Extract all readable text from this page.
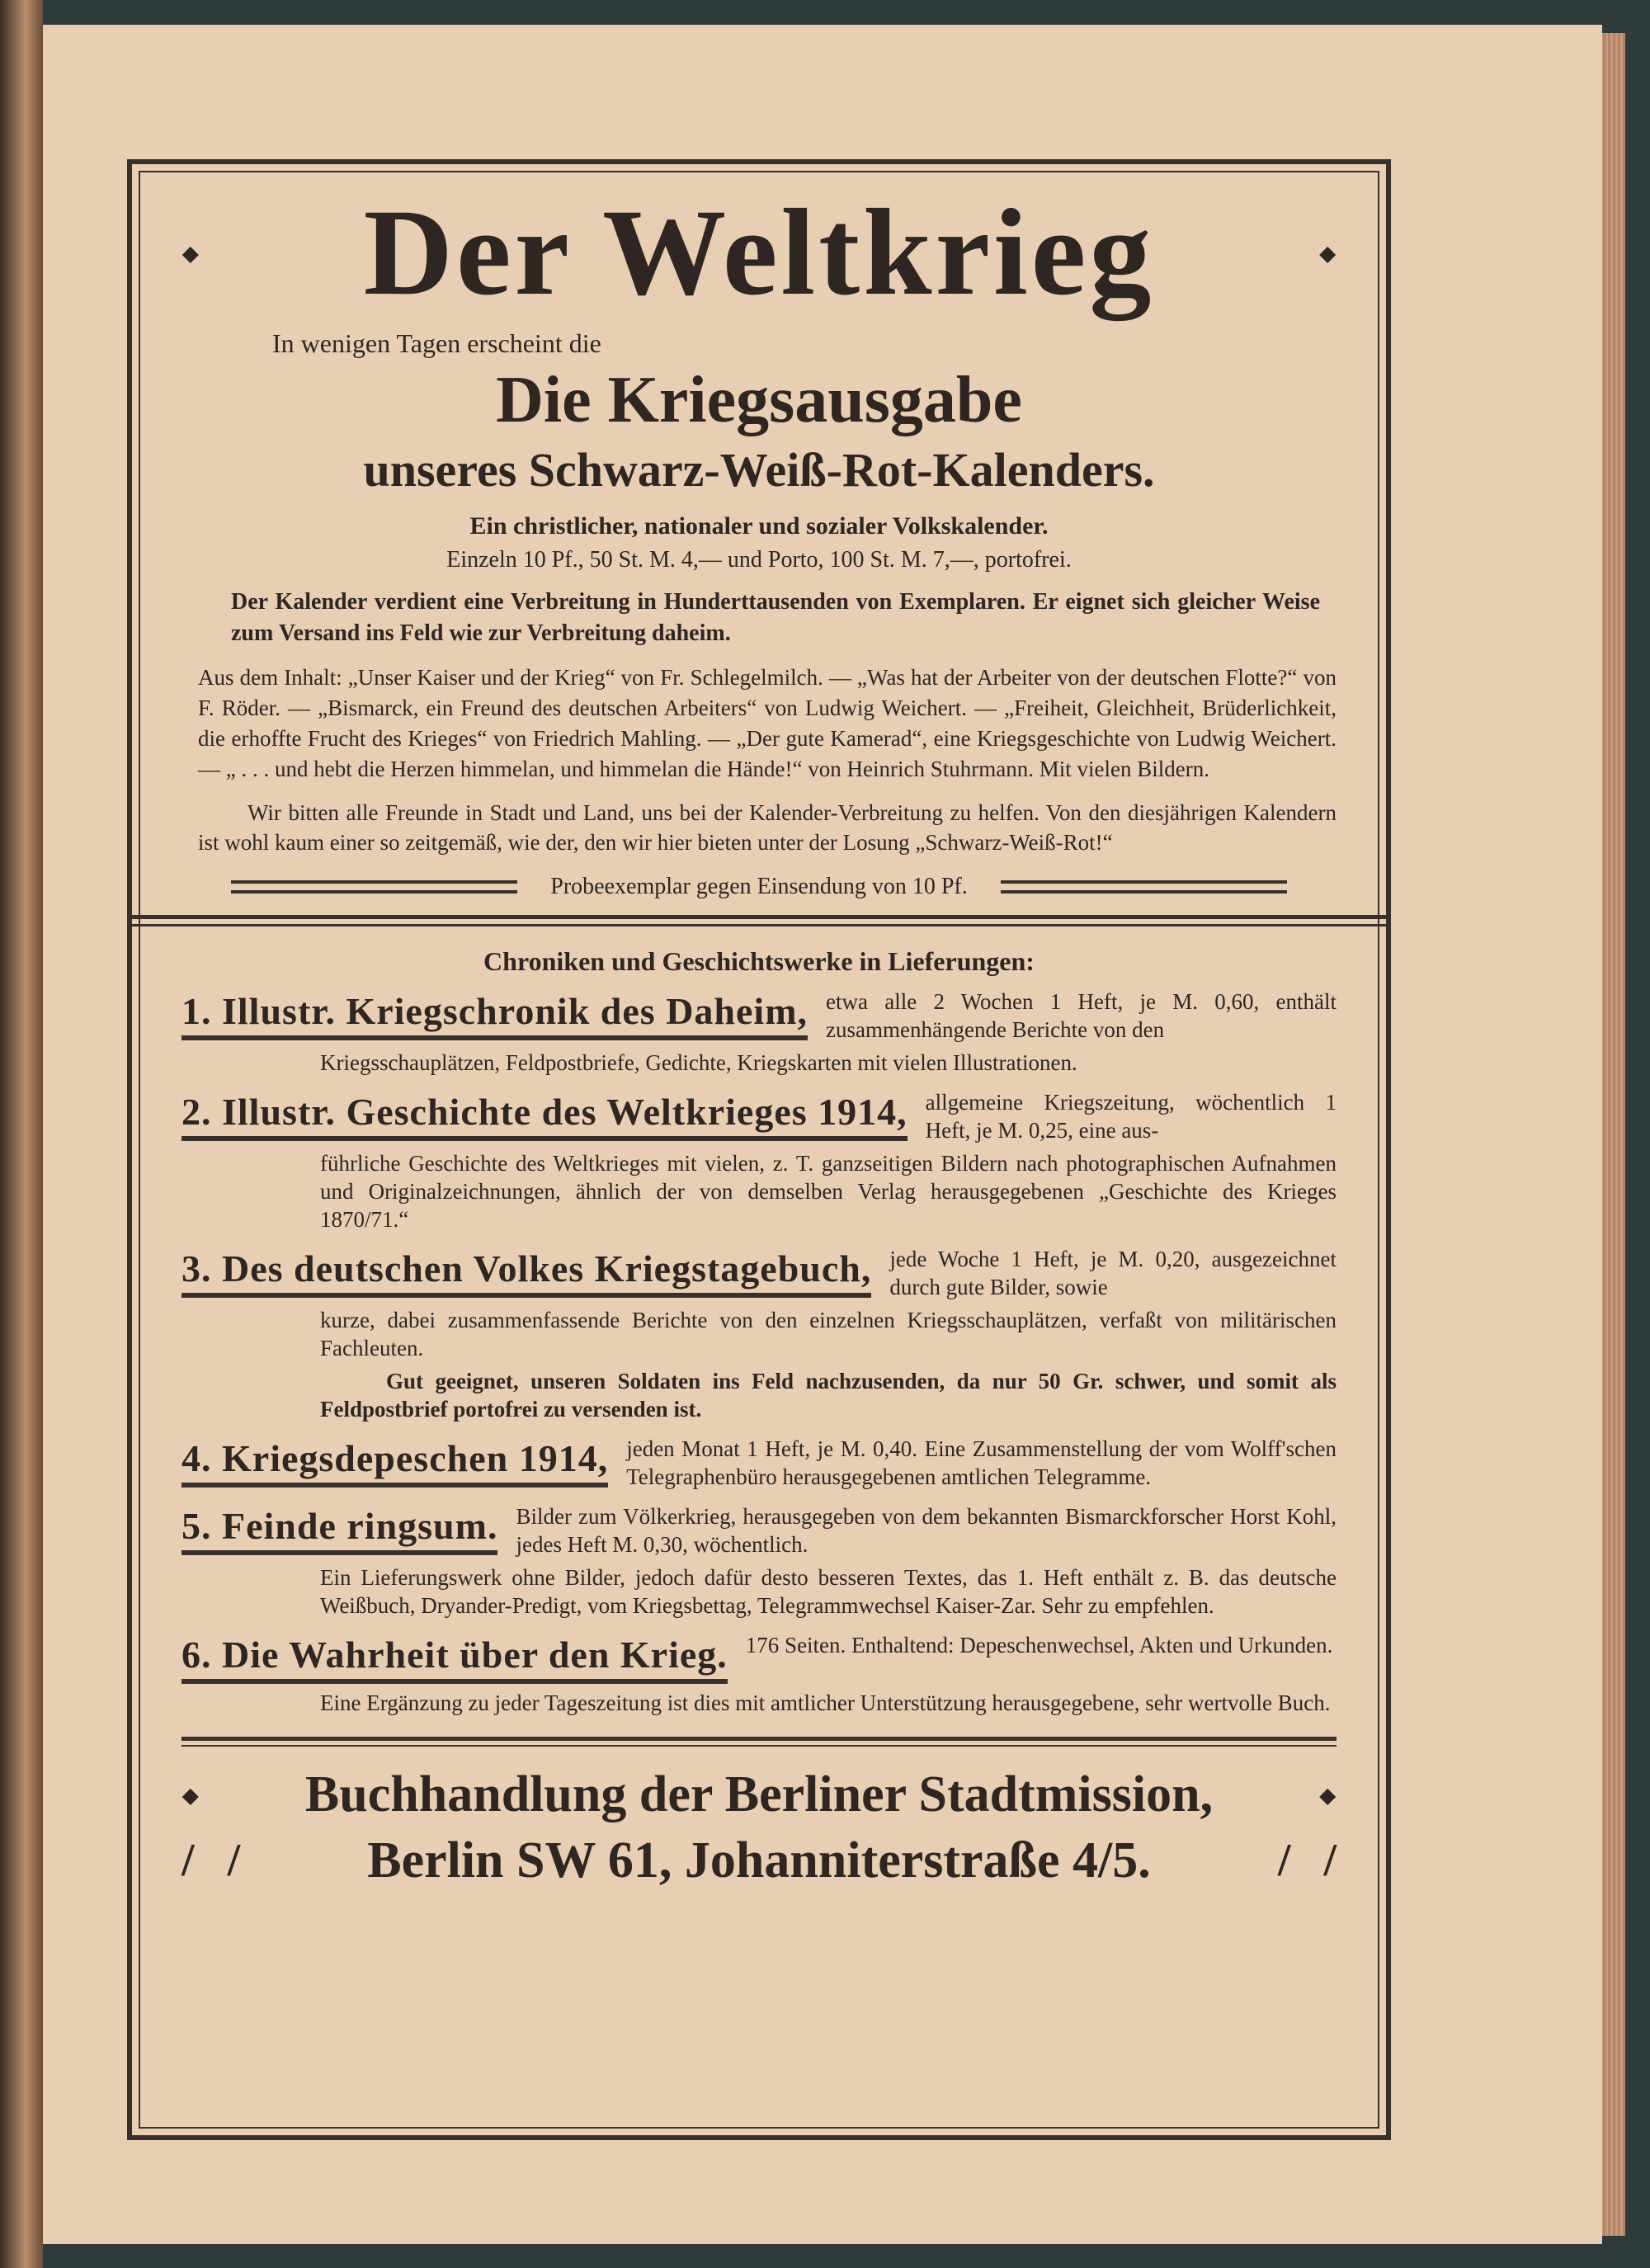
⬩ Der Weltkrieg	⬩
In wenigen Tagen erscheint die
Die Kriegsausgabe
unseres Schwarz-Weiß-Rot-Kalenders.
Ein christlicher, nationaler und sozialer Volkskalender.
Einzeln 10 Pf., 50 St. M. 4,— und Porto, 100 St. M. 7,—, portofrei.
Der Kalender verdient eine Verbreitung in Hunderttausenden von Exemplaren. Er eignet sich gleicher Weise zum Versand ins Feld wie zur Verbreitung daheim.
Aus dem Inhalt: „Unser Kaiser und der Krieg“ von Fr. Schlegelmilch. — „Was hat der Arbeiter von der deutschen Flotte?“ von F. Röder. — „Bismarck, ein Freund des deutschen Arbeiters“ von Ludwig Weichert. — „Freiheit, Gleichheit, Brüderlichkeit, die erhoffte Frucht des Krieges“ von Friedrich Mahling. — „Der gute Kamerad“, eine Kriegsgeschichte von Ludwig Weichert. — „ . . . und hebt die Herzen himmelan, und himmelan die Hände!“ von Heinrich Stuhrmann. Mit vielen Bildern.
Wir bitten alle Freunde in Stadt und Land, uns bei der Kalender-Verbreitung zu helfen. Von den diesjährigen Kalendern ist wohl kaum einer so zeitgemäß, wie der, den wir hier bieten unter der Losung „Schwarz-Weiß-Rot!“
Probeexemplar gegen Einsendung von 10 Pf.
Chroniken und Geschichtswerke in Lieferungen:
1. Illustr. Kriegschronik des Daheim, etwa alle 2 Wochen 1 Heft, je M. 0,60, enthält zusammenhängende Berichte von den
Kriegsschauplätzen, Feldpostbriefe, Gedichte, Kriegskarten mit vielen Illustrationen.
2. Illustr. Geschichte des Weltkrieges 1914, allgemeine Kriegszeitung, wöchentlich 1 Heft, je M. 0,25, eine aus-
führliche Geschichte des Weltkrieges mit vielen, z. T. ganzseitigen Bildern nach photographischen Aufnahmen und Originalzeichnungen, ähnlich der von demselben Verlag herausgegebenen „Geschichte des Krieges 1870/71.“
3. Des deutschen Volkes Kriegstagebuch, jede Woche 1 Heft, je M. 0,20, ausgezeichnet durch gute Bilder, sowie
kurze, dabei zusammenfassende Berichte von den einzelnen Kriegsschauplätzen, verfaßt von militärischen Fachleuten.
Gut geeignet, unseren Soldaten ins Feld nachzusenden, da nur 50 Gr. schwer, und somit als Feldpostbrief portofrei zu versenden ist.
4. Kriegsdepeschen 1914, jeden Monat 1 Heft, je M. 0,40. Eine Zusammenstellung der vom Wolff'schen Telegraphenbüro herausgegebenen amtlichen Telegramme.
5. Feinde ringsum. Bilder zum Völkerkrieg, herausgegeben von dem bekannten Bismarckforscher Horst Kohl, jedes Heft M. 0,30, wöchentlich.
Ein Lieferungswerk ohne Bilder, jedoch dafür desto besseren Textes, das 1. Heft enthält z. B. das deutsche Weißbuch, Dryander-Predigt, vom Kriegsbettag, Telegrammwechsel Kaiser-Zar. Sehr zu empfehlen.
6. Die Wahrheit über den Krieg. 176 Seiten. Enthaltend: Depeschenwechsel, Akten und Urkunden.
Eine Ergänzung zu jeder Tageszeitung ist dies mit amtlicher Unterstützung herausgegebene, sehr wertvolle Buch.
⬩ Buchhandlung der Berliner Stadtmission, ⬩
/ / Berlin SW 61, Johanniterstraße 4/5.	/ /
